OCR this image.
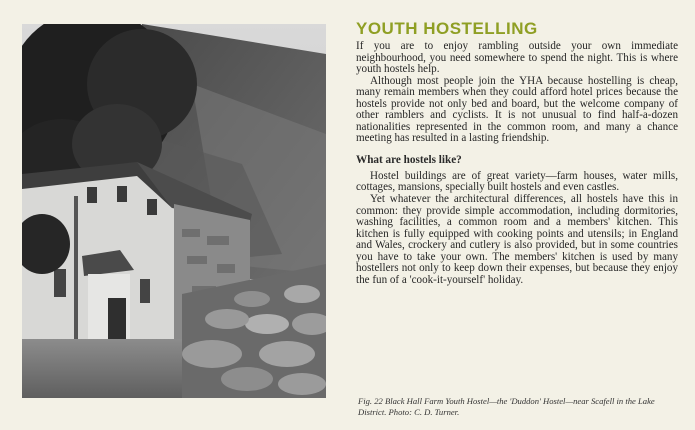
YOUTH HOSTELLING

If you are to enjoy rambling outside your own immediate neighbourhood, you need somewhere to spend the night. This is where youth hostels help.

Although most people join the YHA because hostelling is cheap, many remain members when they could afford hotel prices because the hostels provide not only bed and board, but the welcome company of other ramblers and cyclists. It is not unusual to find half-a-dozen nationalities represented in the common room, and many a chance meeting has resulted in a lasting friendship.

What are hostels like?

Hostel buildings are of great variety—farm houses, water mills, cottages, mansions, specially built hostels and even castles.

Yet whatever the architectural differences, all hostels have this in common: they provide simple accommodation, including dormitories, washing facilities, a common room and a members' kitchen. This kitchen is fully equipped with cooking points and utensils; in England and Wales, crockery and cutlery is also provided, but in some countries you have to take your own. The members' kitchen is used by many hostellers not only to keep down their expenses, but because they enjoy the fun of a 'cook-it-yourself' holiday.

Fig. 22 Black Hall Farm Youth Hostel—the 'Duddon' Hostel—near Scafell in the Lake District. Photo: C. D. Turner.
